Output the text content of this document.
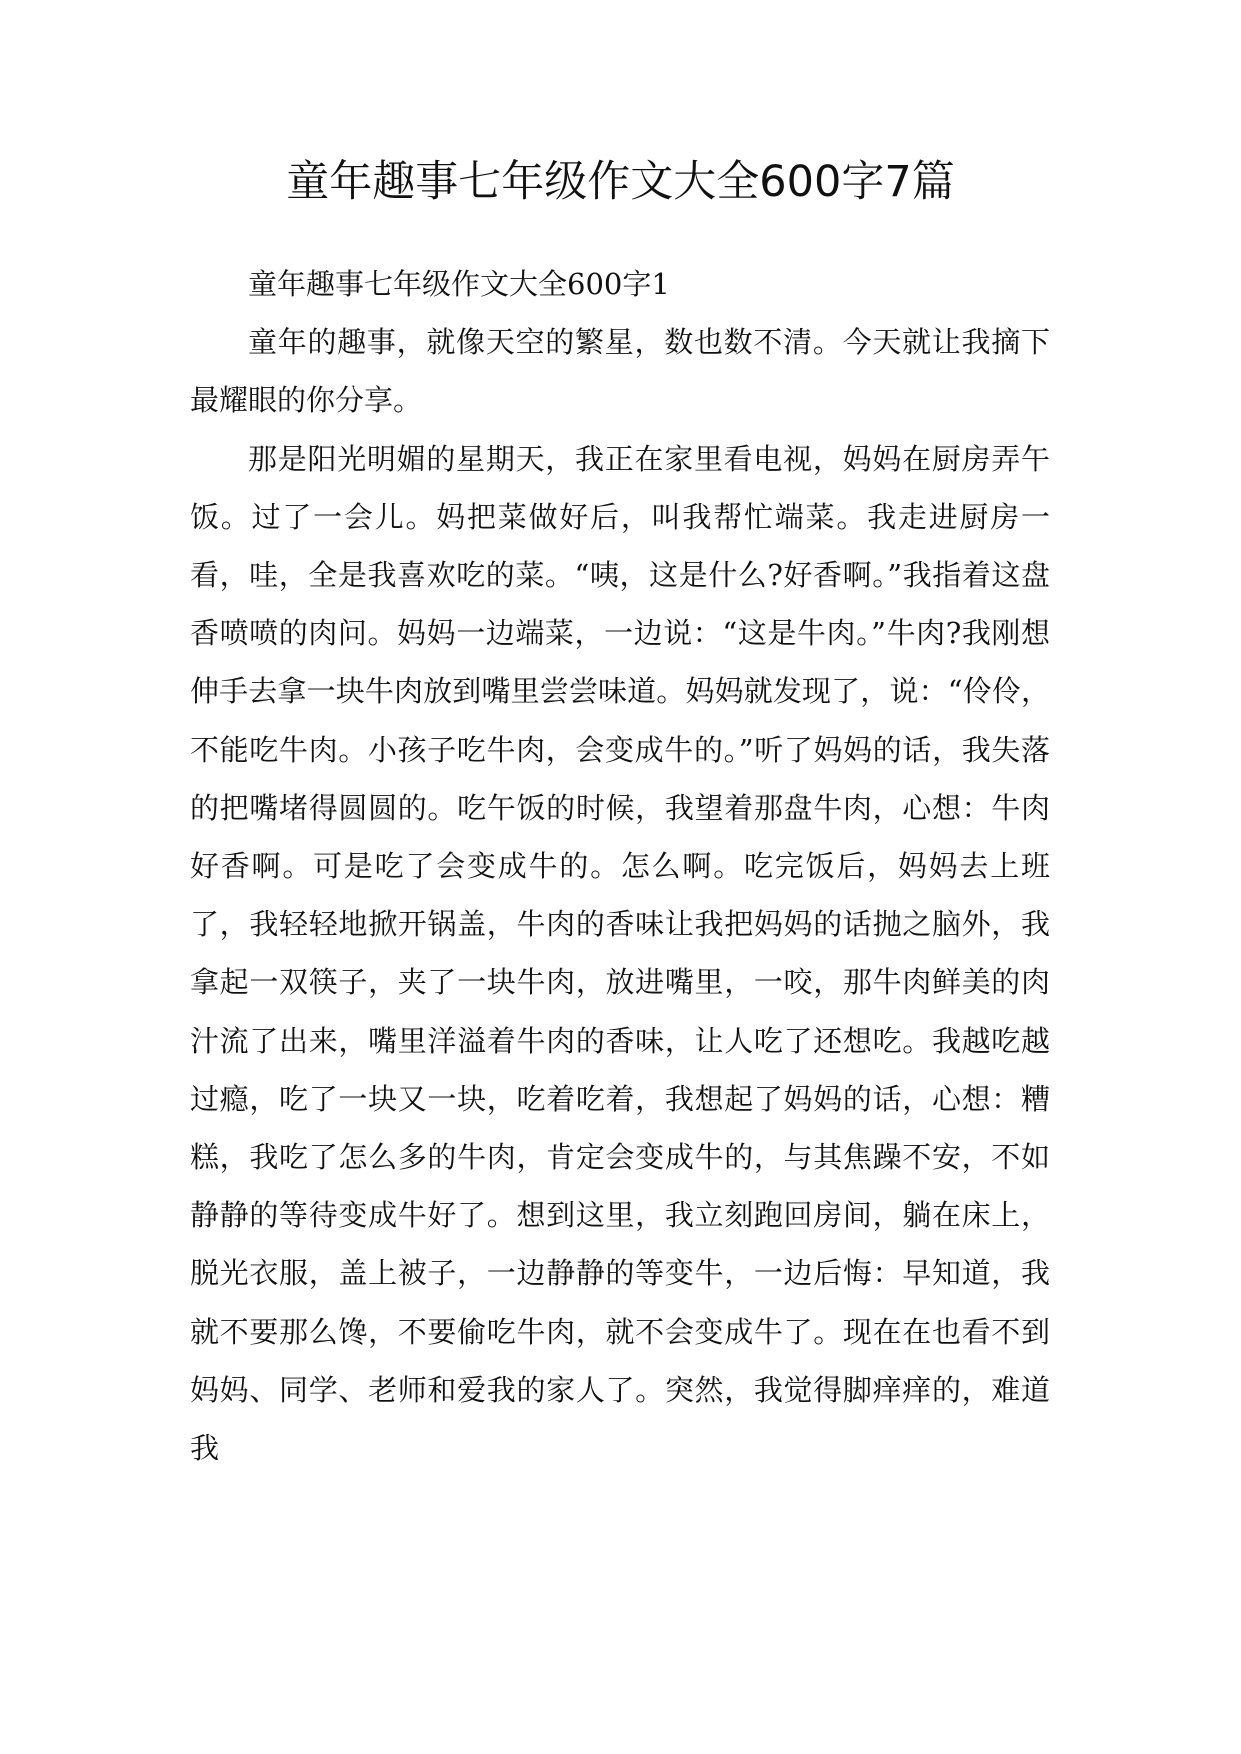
童年趣事七年级作文大全600字7篇

童年趣事七年级作文大全600字1

童年的趣事，就像天空的繁星，数也数不清。今天就让我摘下最耀眼的你分享。

那是阳光明媚的星期天，我正在家里看电视，妈妈在厨房弄午饭。过了一会儿。妈把菜做好后，叫我帮忙端菜。我走进厨房一看，哇，全是我喜欢吃的菜。“咦，这是什么?好香啊。”我指着这盘香喷喷的肉问。妈妈一边端菜，一边说：“这是牛肉。”牛肉?我刚想伸手去拿一块牛肉放到嘴里尝尝味道。妈妈就发现了，说：“伶伶，不能吃牛肉。小孩子吃牛肉，会变成牛的。”听了妈妈的话，我失落的把嘴堵得圆圆的。吃午饭的时候，我望着那盘牛肉，心想：牛肉好香啊。可是吃了会变成牛的。怎么啊。吃完饭后，妈妈去上班了，我轻轻地掀开锅盖，牛肉的香味让我把妈妈的话抛之脑外，我拿起一双筷子，夹了一块牛肉，放进嘴里，一咬，那牛肉鲜美的肉汁流了出来，嘴里洋溢着牛肉的香味，让人吃了还想吃。我越吃越过瘾，吃了一块又一块，吃着吃着，我想起了妈妈的话，心想：糟糕，我吃了怎么多的牛肉，肯定会变成牛的，与其焦躁不安，不如静静的等待变成牛好了。想到这里，我立刻跑回房间，躺在床上，脱光衣服，盖上被子，一边静静的等变牛，一边后悔：早知道，我就不要那么馋，不要偷吃牛肉，就不会变成牛了。现在在也看不到妈妈、同学、老师和爱我的家人了。突然，我觉得脚痒痒的，难道我
